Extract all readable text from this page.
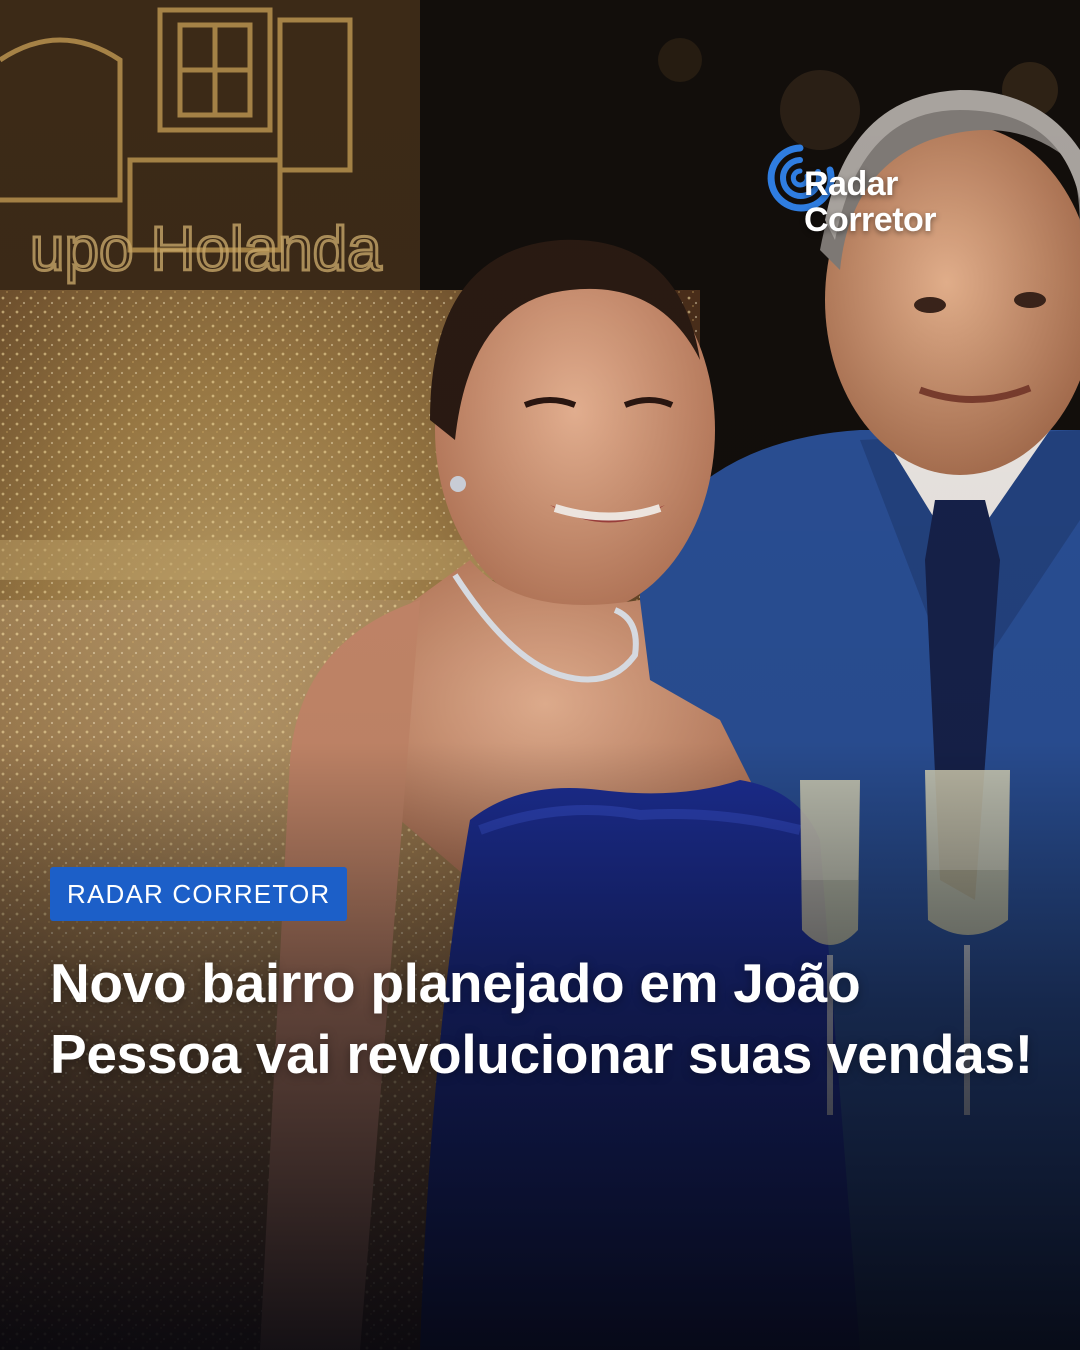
Radar
Corretor
RADAR CORRETOR
Novo bairro planejado em João Pessoa vai revolucionar suas vendas!
